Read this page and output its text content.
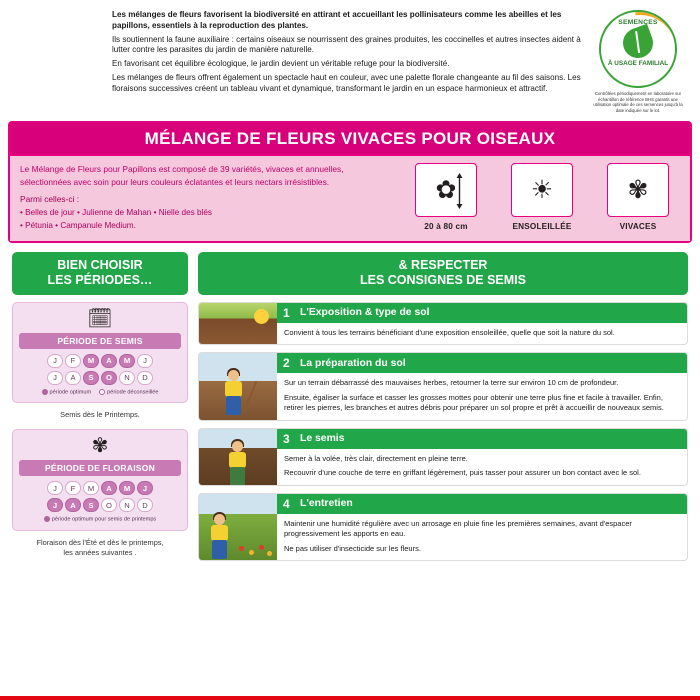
Les mélanges de fleurs favorisent la biodiversité en attirant et accueillant les pollinisateurs comme les abeilles et les papillons, essentiels à la reproduction des plantes.

Ils soutiennent la faune auxiliaire : certains oiseaux se nourrissent des graines produites, les coccinelles et autres insectes aident à lutter contre les parasites du jardin de manière naturelle.

En favorisant cet équilibre écologique, le jardin devient un véritable refuge pour la biodiversité.

Les mélanges de fleurs offrent également un spectacle haut en couleur, avec une palette florale changeante au fil des saisons. Les floraisons successives créent un tableau vivant et dynamique, transformant le jardin en un espace harmonieux et attractif.

SEMENCES
À USAGE FAMILIAL
Contrôlées périodiquement en laboratoire sur échantillon de référence BHS garantit une utilisation optimale de ces semences jusqu'à la date indiquée sur le lot.
MÉLANGE DE FLEURS VIVACES POUR OISEAUX
Le Mélange de Fleurs pour Papillons est composé de 39 variétés, vivaces et annuelles, sélectionnées avec soin pour leurs couleurs éclatantes et leurs nectars irrésistibles.
Parmi celles-ci :
• Belles de jour • Julienne de Mahan • Nielle des blés
• Pétunia • Campanule Medium.
✿
20 à 80 cm
☀
ENSOLEILLÉE
✾
VIVACES
BIEN CHOISIR
LES PÉRIODES…
& RESPECTER
LES CONSIGNES DE SEMIS
🗓
PÉRIODE DE SEMIS
J	F	M	A	M	J
J	A	S	O	N	D
période optimum	période déconseillée
Semis dès le Printemps.
✾
PÉRIODE DE FLORAISON
J	F	M	A	M	J
J	A	S	O	N	D
période optimum pour semis de printemps
Floraison dès l'Été et dès le printemps,
les années suivantes .
1 L'Exposition & type de sol

Convient à tous les terrains bénéficiant d'une exposition ensoleillée, quelle que soit la nature du sol.

2 La préparation du sol

Sur un terrain débarrassé des mauvaises herbes, retourner la terre sur environ 10 cm de profondeur.

Ensuite, égaliser la surface et casser les grosses mottes pour obtenir une terre plus fine et facile à travailler. Enfin, retirer les pierres, les branches et autres débris pour préparer un sol propre et prêt à accueillir de nouveaux semis.

3 Le semis

Semer à la volée, très clair, directement en pleine terre.

Recouvrir d'une couche de terre en griffant légèrement, puis tasser pour assurer un bon contact avec le sol.

4 L'entretien

Maintenir une humidité régulière avec un arrosage en pluie fine les premières semaines, avant d'espacer progressivement les apports en eau.

Ne pas utiliser d'insecticide sur les fleurs.
